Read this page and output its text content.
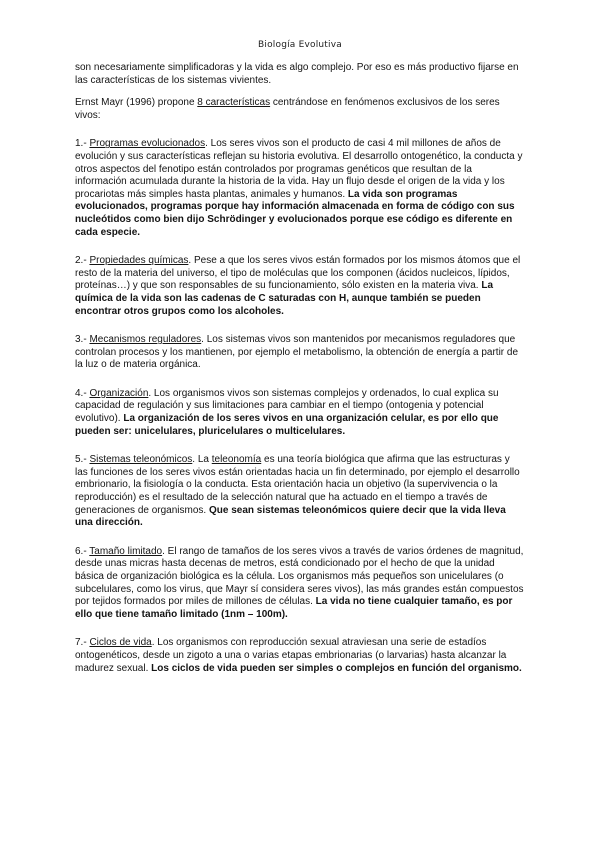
Biología Evolutiva

son necesariamente simplificadoras y la vida es algo complejo. Por eso es más productivo fijarse en las características de los sistemas vivientes.

Ernst Mayr (1996) propone 8 características centrándose en fenómenos exclusivos de los seres vivos:

1.- Programas evolucionados. Los seres vivos son el producto de casi 4 mil millones de años de evolución y sus características reflejan su historia evolutiva. El desarrollo ontogenético, la conducta y otros aspectos del fenotipo están controlados por programas genéticos que resultan de la información acumulada durante la historia de la vida. Hay un flujo desde el origen de la vida y los procariotas más simples hasta plantas, animales y humanos. La vida son programas evolucionados, programas porque hay información almacenada en forma de código con sus nucleótidos como bien dijo Schrödinger y evolucionados porque ese código es diferente en cada especie.

2.- Propiedades químicas. Pese a que los seres vivos están formados por los mismos átomos que el resto de la materia del universo, el tipo de moléculas que los componen (ácidos nucleicos, lípidos, proteínas…) y que son responsables de su funcionamiento, sólo existen en la materia viva. La química de la vida son las cadenas de C saturadas con H, aunque también se pueden encontrar otros grupos como los alcoholes.

3.- Mecanismos reguladores. Los sistemas vivos son mantenidos por mecanismos reguladores que controlan procesos y los mantienen, por ejemplo el metabolismo, la obtención de energía a partir de la luz o de materia orgánica.

4.- Organización. Los organismos vivos son sistemas complejos y ordenados, lo cual explica su capacidad de regulación y sus limitaciones para cambiar en el tiempo (ontogenia y potencial evolutivo). La organización de los seres vivos en una organización celular, es por ello que pueden ser: unicelulares, pluricelulares o multicelulares.

5.- Sistemas teleonómicos. La teleonomía es una teoría biológica que afirma que las estructuras y las funciones de los seres vivos están orientadas hacia un fin determinado, por ejemplo el desarrollo embrionario, la fisiología o la conducta. Esta orientación hacia un objetivo (la supervivencia o la reproducción) es el resultado de la selección natural que ha actuado en el tiempo a través de generaciones de organismos. Que sean sistemas teleonómicos quiere decir que la vida lleva una dirección.

6.- Tamaño limitado. El rango de tamaños de los seres vivos a través de varios órdenes de magnitud, desde unas micras hasta decenas de metros, está condicionado por el hecho de que la unidad básica de organización biológica es la célula. Los organismos más pequeños son unicelulares (o subcelulares, como los virus, que Mayr sí considera seres vivos), las más grandes están compuestos por tejidos formados por miles de millones de células. La vida no tiene cualquier tamaño, es por ello que tiene tamaño limitado (1nm – 100m).

7.- Ciclos de vida. Los organismos con reproducción sexual atraviesan una serie de estadíos ontogenéticos, desde un zigoto a una o varias etapas embrionarias (o larvarias) hasta alcanzar la madurez sexual. Los ciclos de vida pueden ser simples o complejos en función del organismo.
